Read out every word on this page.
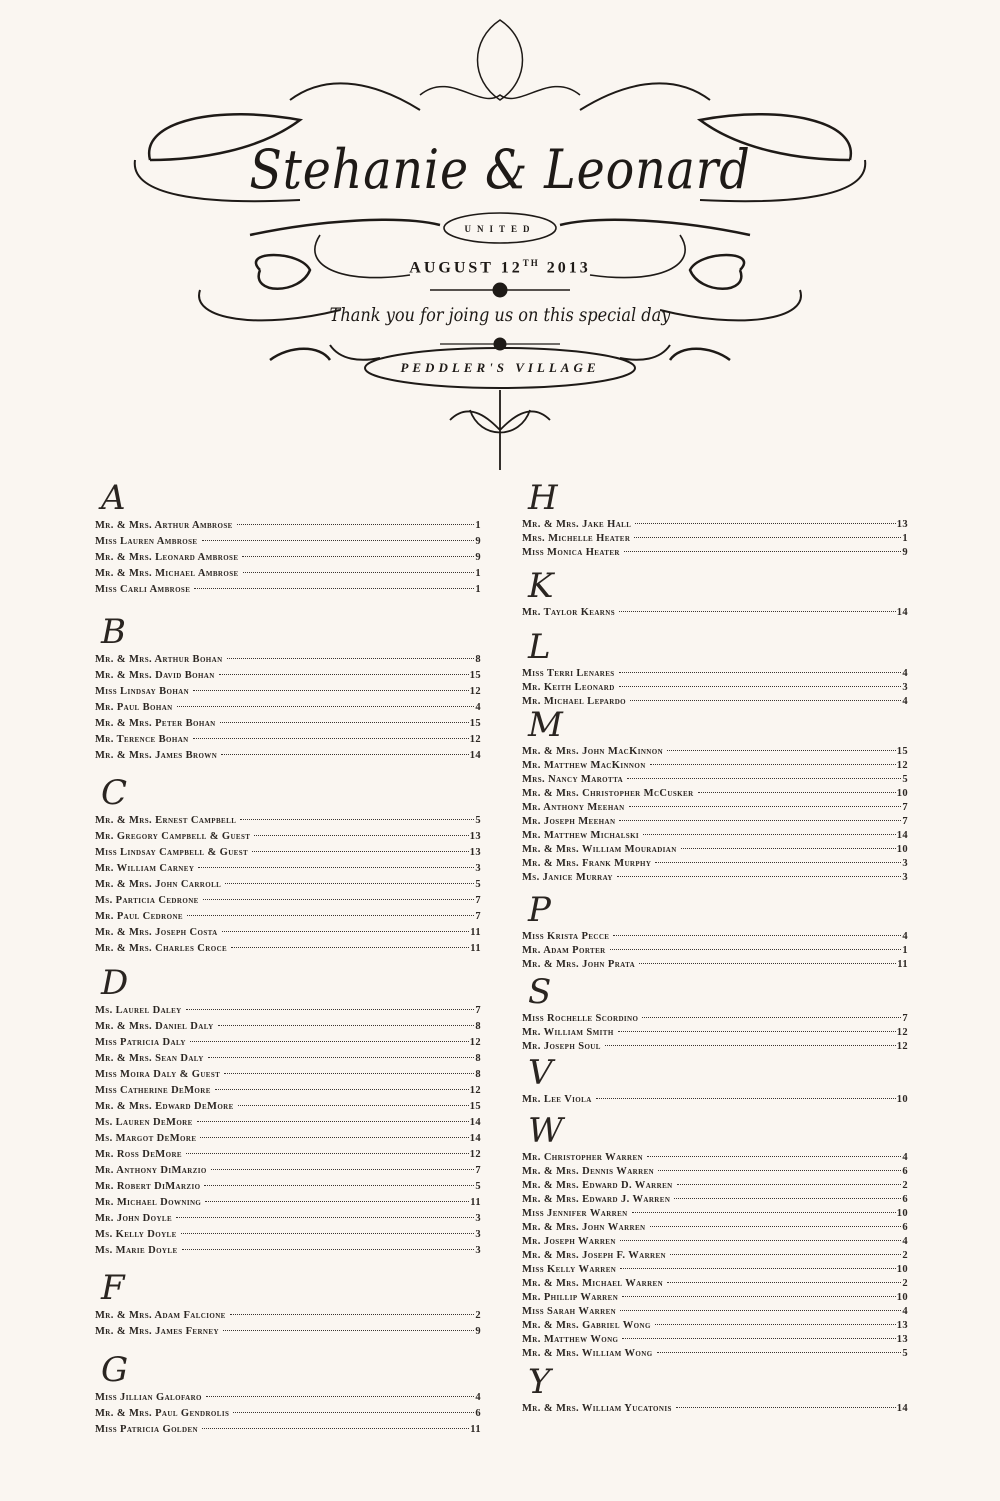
Stehanie & Leonard
UNITED
AUGUST 12TH 2013
Thank you for joing us on this special day
PEDDLER'S VILLAGE
A
Mr. & Mrs. Arthur Ambrose	1
Miss Lauren Ambrose	9
Mr. & Mrs. Leonard Ambrose	9
Mr. & Mrs. Michael Ambrose	1
Miss Carli Ambrose	1
B
Mr. & Mrs. Arthur Bohan	8
Mr. & Mrs. David Bohan	15
Miss Lindsay Bohan	12
Mr. Paul Bohan	4
Mr. & Mrs. Peter Bohan	15
Mr. Terence Bohan	12
Mr. & Mrs. James Brown	14
C
Mr. & Mrs. Ernest Campbell	5
Mr. Gregory Campbell & Guest	13
Miss Lindsay Campbell & Guest	13
Mr. William Carney	3
Mr. & Mrs. John Carroll	5
Ms. Particia Cedrone	7
Mr. Paul Cedrone	7
Mr. & Mrs. Joseph Costa	11
Mr. & Mrs. Charles Croce	11
D
Ms. Laurel Daley	7
Mr. & Mrs. Daniel Daly	8
Miss Patricia Daly	12
Mr. & Mrs. Sean Daly	8
Miss Moira Daly & Guest	8
Miss Catherine DeMore	12
Mr. & Mrs. Edward DeMore	15
Ms. Lauren DeMore	14
Ms. Margot DeMore	14
Mr. Ross DeMore	12
Mr. Anthony DiMarzio	7
Mr. Robert DiMarzio	5
Mr. Michael Downing	11
Mr. John Doyle	3
Ms. Kelly Doyle	3
Ms. Marie Doyle	3
F
Mr. & Mrs. Adam Falcione	2
Mr. & Mrs. James Ferney	9
G
Miss Jillian Galofaro	4
Mr. & Mrs. Paul Gendrolis	6
Miss Patricia Golden	11
H
Mr. & Mrs. Jake Hall	13
Mrs. Michelle Heater	1
Miss Monica Heater	9
K
Mr. Taylor Kearns	14
L
Miss Terri Lenares	4
Mr. Keith Leonard	3
Mr. Michael Lepardo	4
M
Mr. & Mrs. John MacKinnon	15
Mr. Matthew MacKinnon	12
Mrs. Nancy Marotta	5
Mr. & Mrs. Christopher McCusker	10
Mr. Anthony Meehan	7
Mr. Joseph Meehan	7
Mr. Matthew Michalski	14
Mr. & Mrs. William Mouradian	10
Mr. & Mrs. Frank Murphy	3
Ms. Janice Murray	3
P
Miss Krista Pecce	4
Mr. Adam Porter	1
Mr. & Mrs. John Prata	11
S
Miss Rochelle Scordino	7
Mr. William Smith	12
Mr. Joseph Soul	12
V
Mr. Lee Viola	10
W
Mr. Christopher Warren	4
Mr. & Mrs. Dennis Warren	6
Mr. & Mrs. Edward D. Warren	2
Mr. & Mrs. Edward J. Warren	6
Miss Jennifer Warren	10
Mr. & Mrs. John Warren	6
Mr. Joseph Warren	4
Mr. & Mrs. Joseph F. Warren	2
Miss Kelly Warren	10
Mr. & Mrs. Michael Warren	2
Mr. Phillip Warren	10
Miss Sarah Warren	4
Mr. & Mrs. Gabriel Wong	13
Mr. Matthew Wong	13
Mr. & Mrs. William Wong	5
Y
Mr. & Mrs. William Yucatonis	14
